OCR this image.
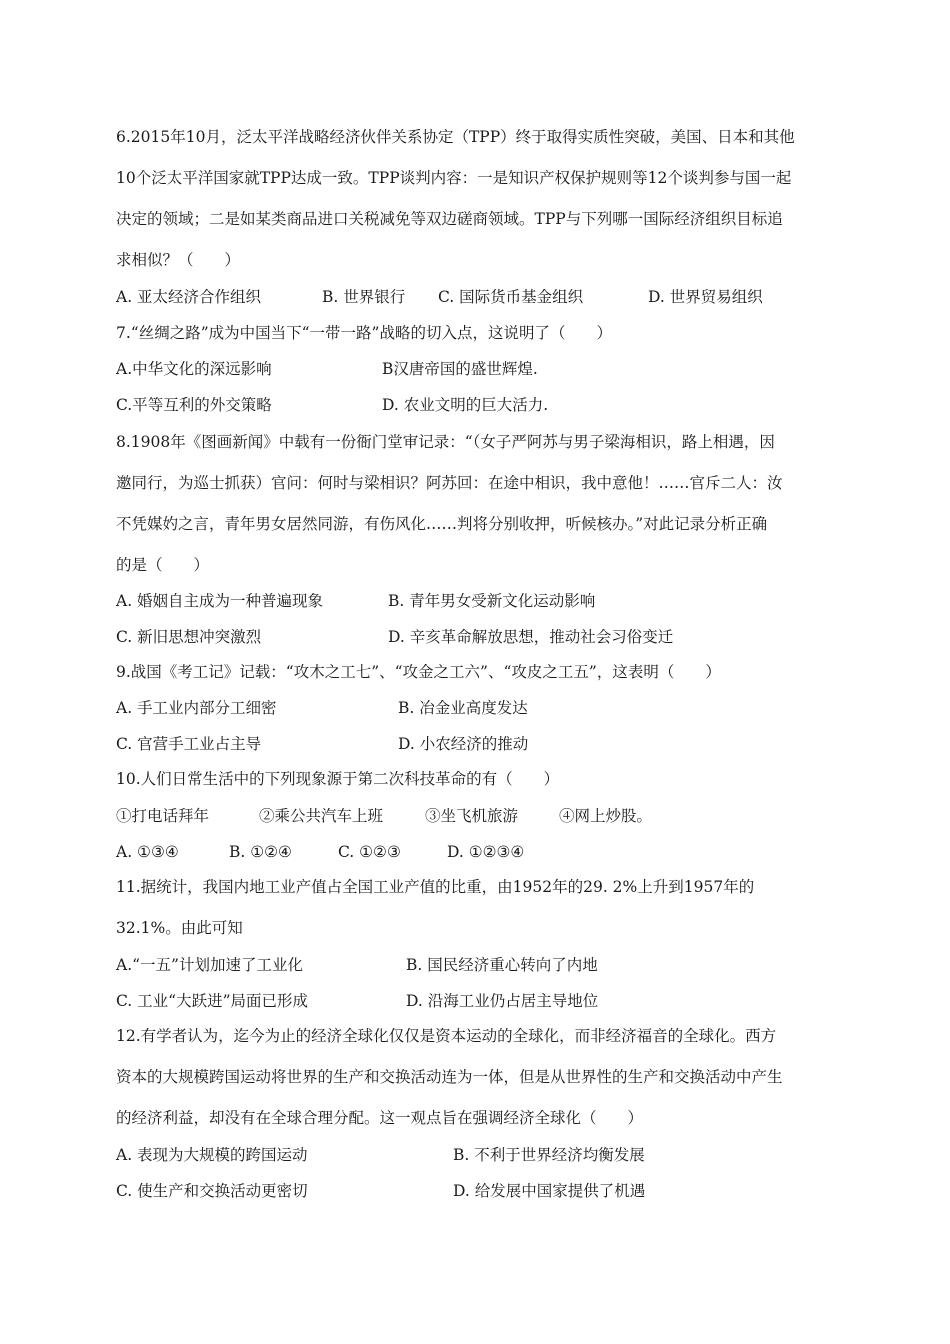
6.2015年10月，泛太平洋战略经济伙伴关系协定（TPP）终于取得实质性突破，美国、日本和其他
10个泛太平洋国家就TPP达成一致。TPP谈判内容：一是知识产权保护规则等12个谈判参与国一起
决定的领域；二是如某类商品进口关税减免等双边磋商领域。TPP与下列哪一国际经济组织目标追
求相似？（　　）
A. 亚太经济合作组织	B. 世界银行 C. 国际货币基金组织	D. 世界贸易组织
7.“丝绸之路”成为中国当下“一带一路”战略的切入点，这说明了（　　）
A.中华文化的深远影响	B汉唐帝国的盛世辉煌.
C.平等互利的外交策略	D. 农业文明的巨大活力.
8.1908年《图画新闻》中载有一份衙门堂审记录：“（女子严阿苏与男子梁海相识，路上相遇，因
邀同行，为巡士抓获）官问：何时与梁相识？阿苏回：在途中相识，我中意他！……官斥二人：汝
不凭媒妁之言，青年男女居然同游，有伤风化……判将分别收押，听候核办。”对此记录分析正确
的是（　　）
A. 婚姻自主成为一种普遍现象	B. 青年男女受新文化运动影响
C. 新旧思想冲突激烈	D. 辛亥革命解放思想，推动社会习俗变迁
9.战国《考工记》记载：“攻木之工七”、“攻金之工六”、“攻皮之工五”，这表明（　　）
A. 手工业内部分工细密	B. 冶金业高度发达
C. 官营手工业占主导	D. 小农经济的推动
10.人们日常生活中的下列现象源于第二次科技革命的有（　　）
①打电话拜年	②乘公共汽车上班	③坐飞机旅游	④网上炒股。
A. ①③④	B. ①②④	C. ①②③	D. ①②③④
11.据统计，我国内地工业产值占全国工业产值的比重，由1952年的29. 2%上升到1957年的
32.1%。由此可知
A.“一五”计划加速了工业化	B. 国民经济重心转向了内地
C. 工业“大跃进”局面已形成	D. 沿海工业仍占居主导地位
12.有学者认为，迄今为止的经济全球化仅仅是资本运动的全球化，而非经济福音的全球化。西方
资本的大规模跨国运动将世界的生产和交换活动连为一体，但是从世界性的生产和交换活动中产生
的经济利益，却没有在全球合理分配。这一观点旨在强调经济全球化（　　）
A. 表现为大规模的跨国运动	B. 不利于世界经济均衡发展
C. 使生产和交换活动更密切	D. 给发展中国家提供了机遇
